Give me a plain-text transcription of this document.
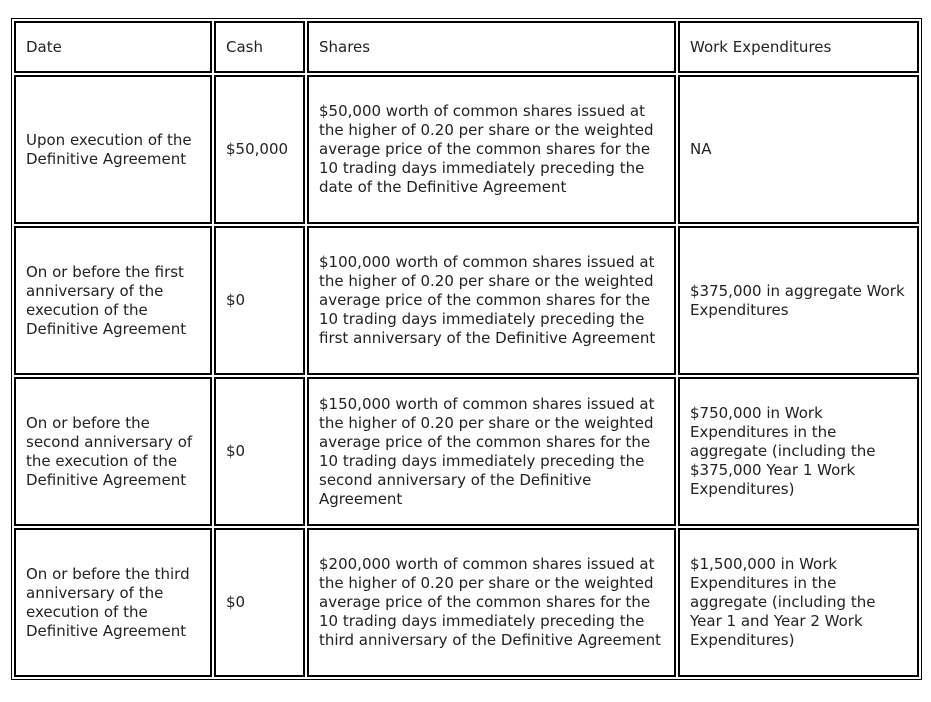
Date	Cash	Shares	Work Expenditures
Upon execution of the Definitive Agreement	$50,000	$50,000 worth of common shares issued at the higher of 0.20 per share or the weighted average price of the common shares for the 10 trading days immediately preceding the date of the Definitive Agreement	NA
On or before the first anniversary of the execution of the Definitive Agreement	$0	$100,000 worth of common shares issued at the higher of 0.20 per share or the weighted average price of the common shares for the 10 trading days immediately preceding the first anniversary of the Definitive Agreement	$375,000 in aggregate Work Expenditures
On or before the second anniversary of the execution of the Definitive Agreement	$0	$150,000 worth of common shares issued at the higher of 0.20 per share or the weighted average price of the common shares for the 10 trading days immediately preceding the second anniversary of the Definitive Agreement	$750,000 in Work Expenditures in the aggregate (including the $375,000 Year 1 Work Expenditures)
On or before the third anniversary of the execution of the Definitive Agreement	$0	$200,000 worth of common shares issued at the higher of 0.20 per share or the weighted average price of the common shares for the 10 trading days immediately preceding the third anniversary of the Definitive Agreement	$1,500,000 in Work Expenditures in the aggregate (including the Year 1 and Year 2 Work Expenditures)
